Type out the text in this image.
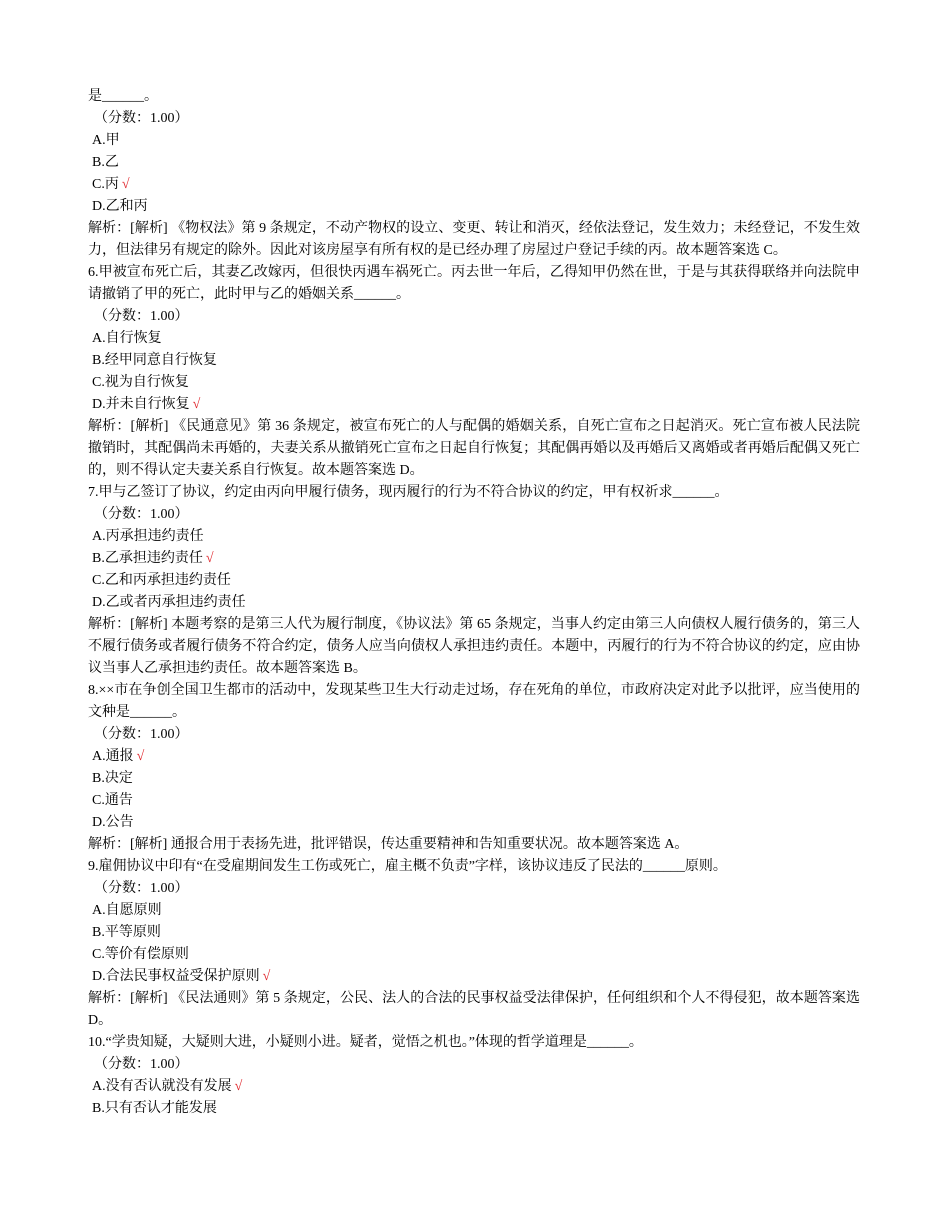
是______。
（分数：1.00）
A.甲
B.乙
C.丙 √
D.乙和丙
解析：[解析] 《物权法》第 9 条规定，不动产物权的设立、变更、转让和消灭，经依法登记，发生效力；未经登记，不发生效力，但法律另有规定的除外。因此对该房屋享有所有权的是已经办理了房屋过户登记手续的丙。故本题答案选 C。
6.甲被宣布死亡后，其妻乙改嫁丙，但很快丙遇车祸死亡。丙去世一年后，乙得知甲仍然在世，于是与其获得联络并向法院申请撤销了甲的死亡，此时甲与乙的婚姻关系______。
（分数：1.00）
A.自行恢复
B.经甲同意自行恢复
C.视为自行恢复
D.并未自行恢复 √
解析：[解析] 《民通意见》第 36 条规定，被宣布死亡的人与配偶的婚姻关系，自死亡宣布之日起消灭。死亡宣布被人民法院撤销时，其配偶尚未再婚的，夫妻关系从撤销死亡宣布之日起自行恢复；其配偶再婚以及再婚后又离婚或者再婚后配偶又死亡的，则不得认定夫妻关系自行恢复。故本题答案选 D。
7.甲与乙签订了协议，约定由丙向甲履行债务，现丙履行的行为不符合协议的约定，甲有权祈求______。
（分数：1.00）
A.丙承担违约责任
B.乙承担违约责任 √
C.乙和丙承担违约责任
D.乙或者丙承担违约责任
解析：[解析] 本题考察的是第三人代为履行制度，《协议法》第 65 条规定，当事人约定由第三人向债权人履行债务的，第三人不履行债务或者履行债务不符合约定，债务人应当向债权人承担违约责任。本题中，丙履行的行为不符合协议的约定，应由协议当事人乙承担违约责任。故本题答案选 B。
8.××市在争创全国卫生都市的活动中，发现某些卫生大行动走过场，存在死角的单位，市政府决定对此予以批评，应当使用的文种是______。
（分数：1.00）
A.通报 √
B.决定
C.通告
D.公告
解析：[解析] 通报合用于表扬先进，批评错误，传达重要精神和告知重要状况。故本题答案选 A。
9.雇佣协议中印有“在受雇期间发生工伤或死亡，雇主概不负责”字样，该协议违反了民法的______原则。
（分数：1.00）
A.自愿原则
B.平等原则
C.等价有偿原则
D.合法民事权益受保护原则 √
解析：[解析] 《民法通则》第 5 条规定，公民、法人的合法的民事权益受法律保护，任何组织和个人不得侵犯，故本题答案选 D。
10.“学贵知疑，大疑则大进，小疑则小进。疑者，觉悟之机也。”体现的哲学道理是______。
（分数：1.00）
A.没有否认就没有发展 √
B.只有否认才能发展
